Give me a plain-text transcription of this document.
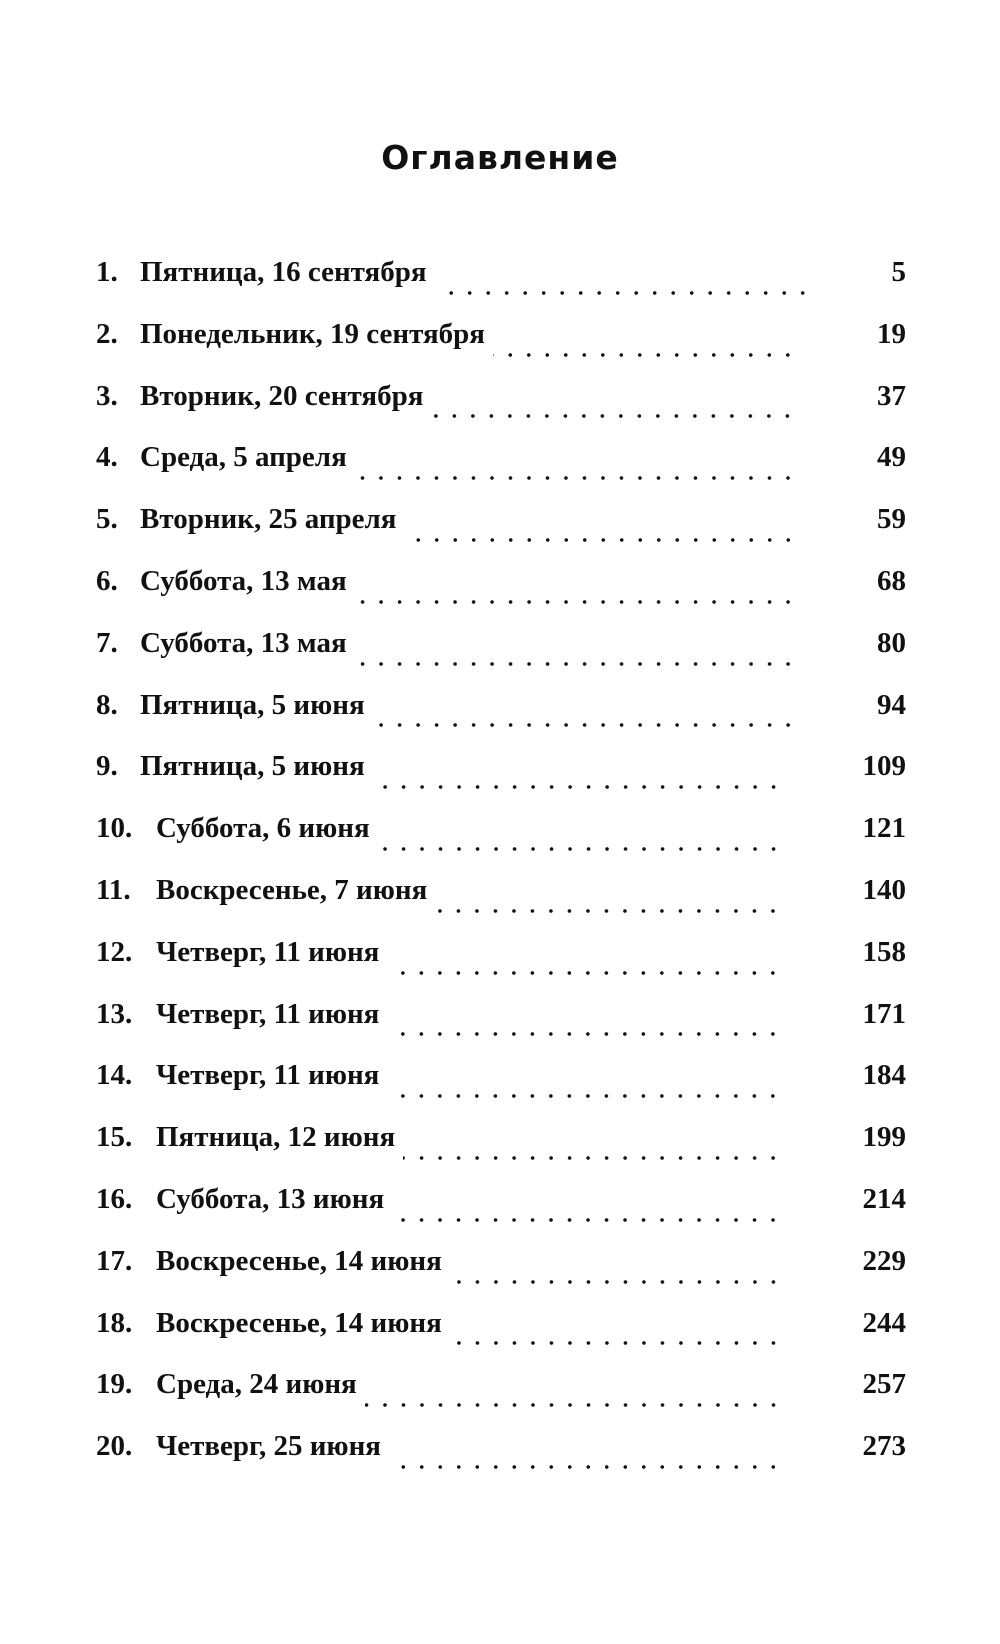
Оглавление
1. Пятница, 16 сентября	5
2. Понедельник, 19 сентября	19
3. Вторник, 20 сентября	37
4. Среда, 5 апреля	49
5. Вторник, 25 апреля	59
6. Суббота, 13 мая	68
7. Суббота, 13 мая	80
8. Пятница, 5 июня	94
9. Пятница, 5 июня	109
10. Суббота, 6 июня	121
11. Воскресенье, 7 июня	140
12. Четверг, 11 июня	158
13. Четверг, 11 июня	171
14. Четверг, 11 июня	184
15. Пятница, 12 июня	199
16. Суббота, 13 июня	214
17. Воскресенье, 14 июня	229
18. Воскресенье, 14 июня	244
19. Среда, 24 июня	257
20. Четверг, 25 июня	273
